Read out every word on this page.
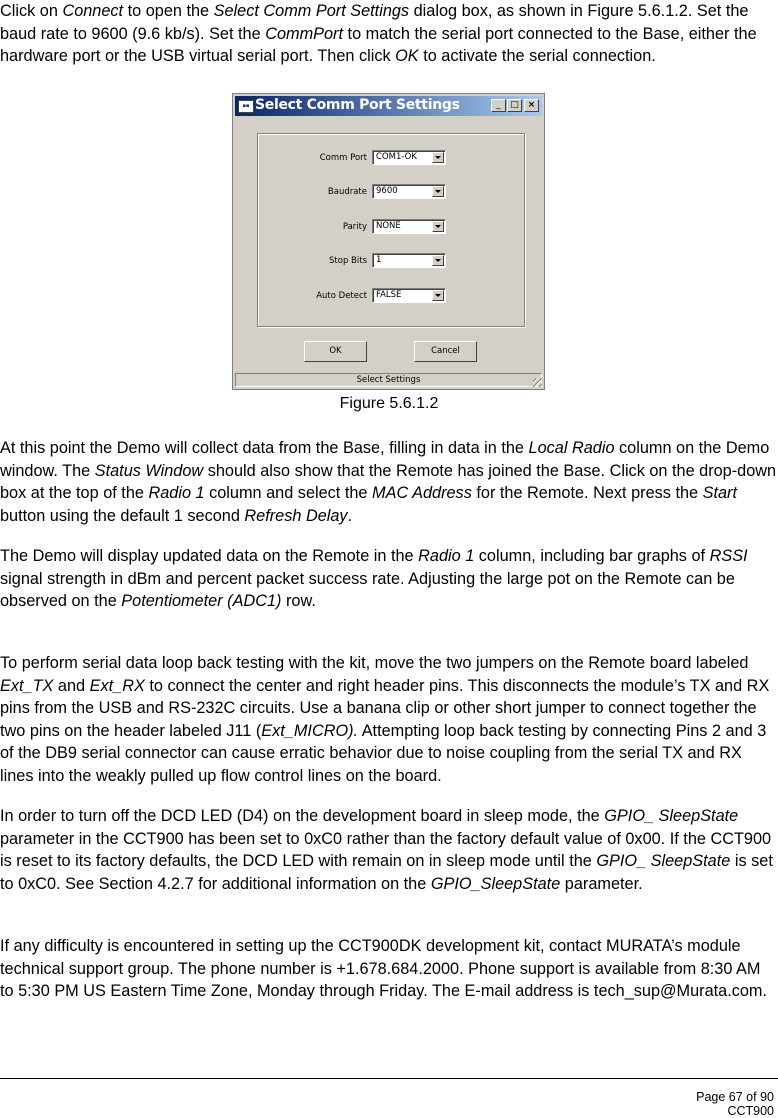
Click on Connect to open the Select Comm Port Settings dialog box, as shown in Figure 5.6.1.2. Set the baud rate to 9600 (9.6 kb/s). Set the CommPort to match the serial port connected to the Base, either the hardware port or the USB virtual serial port. Then click OK to activate the serial connection.

▪▪ Select Comm Port Settings	_	□ ×
Comm Port COM1-OK
Baudrate 9600
Parity NONE
Stop Bits 1
Auto Detect FALSE
OK	Cancel
Select Settings
Figure 5.6.1.2

At this point the Demo will collect data from the Base, filling in data in the Local Radio column on the Demo window. The Status Window should also show that the Remote has joined the Base. Click on the drop-down box at the top of the Radio 1 column and select the MAC Address for the Remote. Next press the Start button using the default 1 second Refresh Delay.

The Demo will display updated data on the Remote in the Radio 1 column, including bar graphs of RSSI signal strength in dBm and percent packet success rate. Adjusting the large pot on the Remote can be observed on the Potentiometer (ADC1) row.

To perform serial data loop back testing with the kit, move the two jumpers on the Remote board labeled Ext_TX and Ext_RX to connect the center and right header pins. This disconnects the module’s TX and RX pins from the USB and RS-232C circuits. Use a banana clip or other short jumper to connect together the two pins on the header labeled J11 (Ext_MICRO). Attempting loop back testing by connecting Pins 2 and 3 of the DB9 serial connector can cause erratic behavior due to noise coupling from the serial TX and RX lines into the weakly pulled up flow control lines on the board.

In order to turn off the DCD LED (D4) on the development board in sleep mode, the GPIO_ SleepState parameter in the CCT900 has been set to 0xC0 rather than the factory default value of 0x00. If the CCT900 is reset to its factory defaults, the DCD LED with remain on in sleep mode until the GPIO_ SleepState is set to 0xC0. See Section 4.2.7 for additional information on the GPIO_SleepState parameter.

If any difficulty is encountered in setting up the CCT900DK development kit, contact MURATA’s module technical support group. The phone number is +1.678.684.2000. Phone support is available from 8:30 AM to 5:30 PM US Eastern Time Zone, Monday through Friday. The E-mail address is tech_sup@Murata.com.

Page 67 of 90
CCT900
